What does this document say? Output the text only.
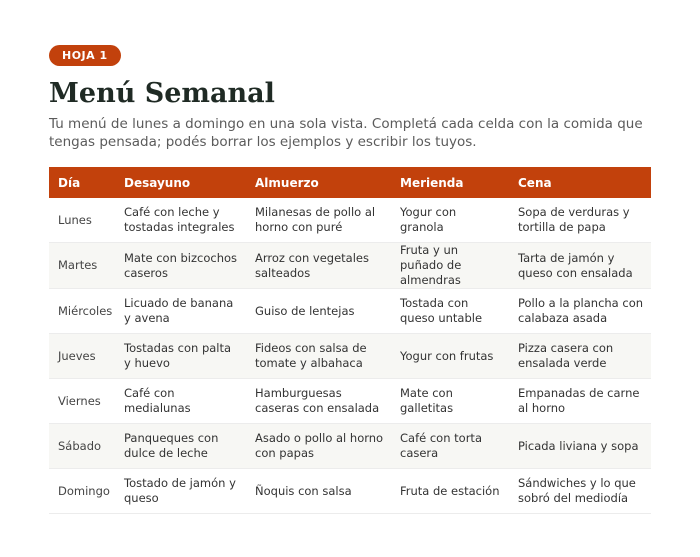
HOJA 1
Menú Semanal

Tu menú de lunes a domingo en una sola vista. Completá cada celda con la comida que tengas pensada; podés borrar los ejemplos y escribir los tuyos.

Día	Desayuno	Almuerzo	Merienda	Cena
Lunes	Café con leche y tostadas integrales	Milanesas de pollo al horno con puré	Yogur con granola	Sopa de verduras y tortilla de papa
Martes	Mate con bizcochos caseros	Arroz con vegetales salteados	Fruta y un puñado de almendras	Tarta de jamón y queso con ensalada
Miércoles	Licuado de banana y avena	Guiso de lentejas	Tostada con queso untable	Pollo a la plancha con calabaza asada
Jueves	Tostadas con palta y huevo	Fideos con salsa de tomate y albahaca	Yogur con frutas	Pizza casera con ensalada verde
Viernes	Café con medialunas	Hamburguesas caseras con ensalada	Mate con galletitas	Empanadas de carne al horno
Sábado	Panqueques con dulce de leche	Asado o pollo al horno con papas	Café con torta casera	Picada liviana y sopa
Domingo	Tostado de jamón y queso	Ñoquis con salsa	Fruta de estación	Sándwiches y lo que sobró del mediodía
